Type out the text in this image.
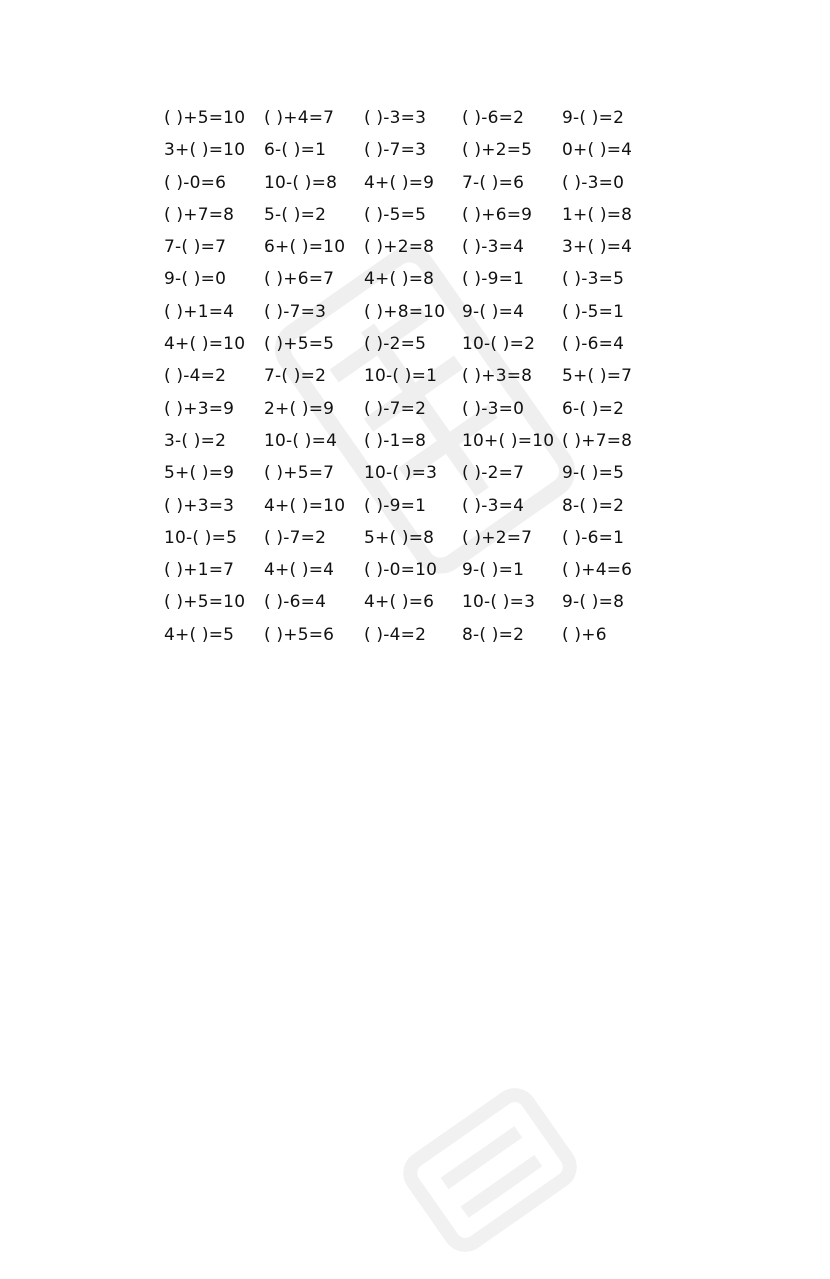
( )+5=10 ( )+4=7 ( )-3=3 ( )-6=2 9-( )=2
3+( )=10 6-( )=1 ( )-7=3 ( )+2=5 0+( )=4
( )-0=6 10-( )=8 4+( )=9 7-( )=6 ( )-3=0
( )+7=8 5-( )=2 ( )-5=5 ( )+6=9 1+( )=8
7-( )=7 6+( )=10 ( )+2=8 ( )-3=4 3+( )=4
9-( )=0 ( )+6=7 4+( )=8 ( )-9=1 ( )-3=5
( )+1=4 ( )-7=3 ( )+8=10 9-( )=4 ( )-5=1
4+( )=10 ( )+5=5 ( )-2=5 10-( )=2 ( )-6=4
( )-4=2 7-( )=2 10-( )=1 ( )+3=8 5+( )=7
( )+3=9 2+( )=9 ( )-7=2 ( )-3=0 6-( )=2
3-( )=2 10-( )=4 ( )-1=8 10+( )=10 ( )+7=8
5+( )=9 ( )+5=7 10-( )=3 ( )-2=7 9-( )=5
( )+3=3 4+( )=10 ( )-9=1 ( )-3=4 8-( )=2
10-( )=5 ( )-7=2 5+( )=8 ( )+2=7 ( )-6=1
( )+1=7 4+( )=4 ( )-0=10 9-( )=1 ( )+4=6
( )+5=10 ( )-6=4 4+( )=6 10-( )=3 9-( )=8
4+( )=5 ( )+5=6 ( )-4=2 8-( )=2 ( )+6
